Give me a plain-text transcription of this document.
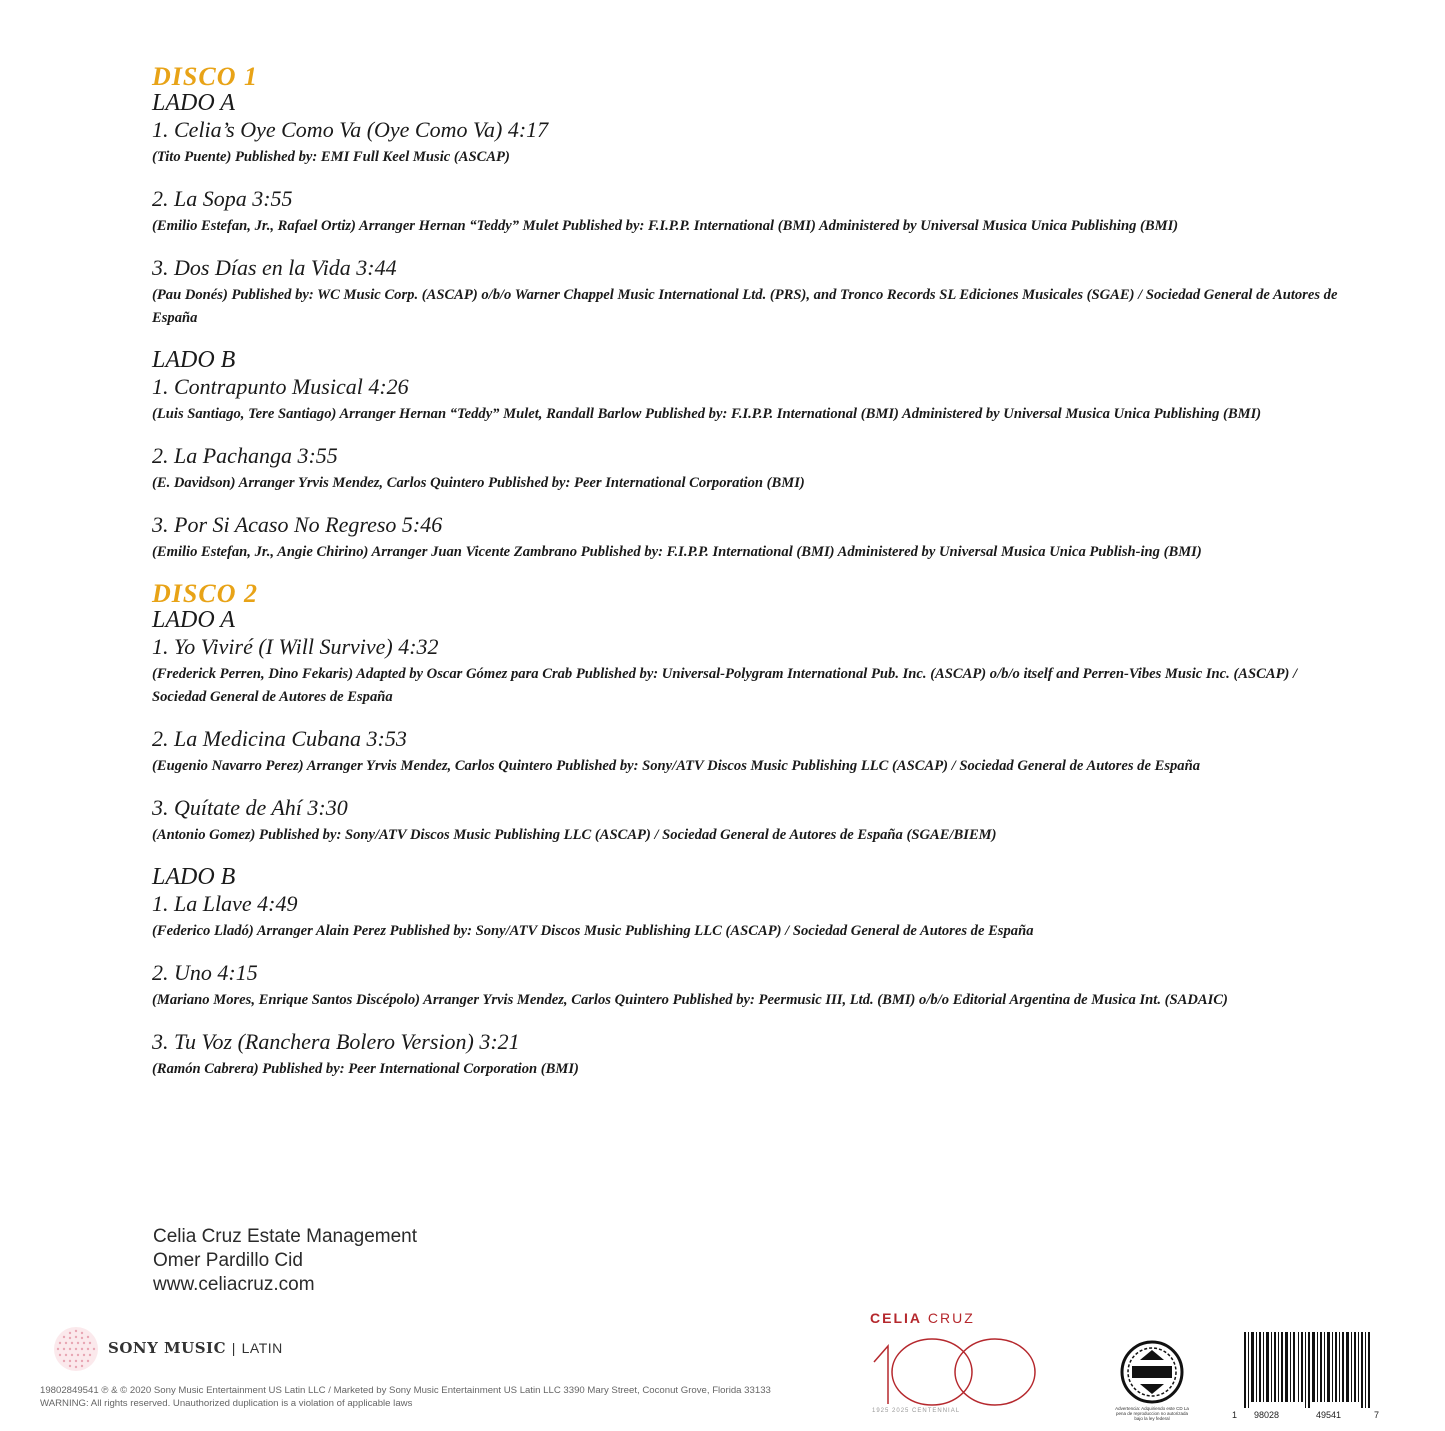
DISCO 1
LADO A
1. Celia’s Oye Como Va (Oye Como Va) 4:17
(Tito Puente) Published by: EMI Full Keel Music (ASCAP)
2. La Sopa 3:55
(Emilio Estefan, Jr., Rafael Ortiz) Arranger Hernan “Teddy” Mulet Published by: F.I.P.P. International (BMI) Administered by Universal Musica Unica Publishing (BMI)
3. Dos Días en la Vida 3:44
(Pau Donés) Published by: WC Music Corp. (ASCAP) o/b/o Warner Chappel Music International Ltd. (PRS), and Tronco Records SL Ediciones Musicales (SGAE) / Sociedad General de Autores de España
LADO B
1. Contrapunto Musical 4:26
(Luis Santiago, Tere Santiago) Arranger Hernan “Teddy” Mulet, Randall Barlow Published by: F.I.P.P. International (BMI) Administered by Universal Musica Unica Publishing (BMI)
2. La Pachanga 3:55
(E. Davidson) Arranger Yrvis Mendez, Carlos Quintero Published by: Peer International Corporation (BMI)
3. Por Si Acaso No Regreso 5:46
(Emilio Estefan, Jr., Angie Chirino) Arranger Juan Vicente Zambrano Published by: F.I.P.P. International (BMI) Administered by Universal Musica Unica Publish-ing (BMI)
DISCO 2
LADO A
1. Yo Viviré (I Will Survive) 4:32
(Frederick Perren, Dino Fekaris) Adapted by Oscar Gómez para Crab Published by: Universal-Polygram International Pub. Inc. (ASCAP) o/b/o itself and Perren-Vibes Music Inc. (ASCAP) / Sociedad General de Autores de España
2. La Medicina Cubana 3:53
(Eugenio Navarro Perez) Arranger Yrvis Mendez, Carlos Quintero Published by: Sony/ATV Discos Music Publishing LLC (ASCAP) / Sociedad General de Autores de España
3. Quítate de Ahí 3:30
(Antonio Gomez) Published by: Sony/ATV Discos Music Publishing LLC (ASCAP) / Sociedad General de Autores de España (SGAE/BIEM)
LADO B
1. La Llave 4:49
(Federico Lladó) Arranger Alain Perez Published by: Sony/ATV Discos Music Publishing LLC (ASCAP) / Sociedad General de Autores de España
2. Uno 4:15
(Mariano Mores, Enrique Santos Discépolo) Arranger Yrvis Mendez, Carlos Quintero Published by: Peermusic III, Ltd. (BMI) o/b/o Editorial Argentina de Musica Int. (SADAIC)
3. Tu Voz (Ranchera Bolero Version) 3:21
(Ramón Cabrera) Published by: Peer International Corporation (BMI)
Celia Cruz Estate Management
Omer Pardillo Cid
www.celiacruz.com
SONY MUSIC | LATIN
19802849541 ℗ & © 2020 Sony Music Entertainment US Latin LLC / Marketed by Sony Music Entertainment US Latin LLC 3390 Mary Street, Coconut Grove, Florida 33133
WARNING: All rights reserved. Unauthorized duplication is a violation of applicable laws
CELIA CRUZ
1925 2025 CENTENNIAL	Advertencia: Adquiriendo este CD La pena de reproduccion no autorizada bajo la ley federal	1 98028	49541	7
